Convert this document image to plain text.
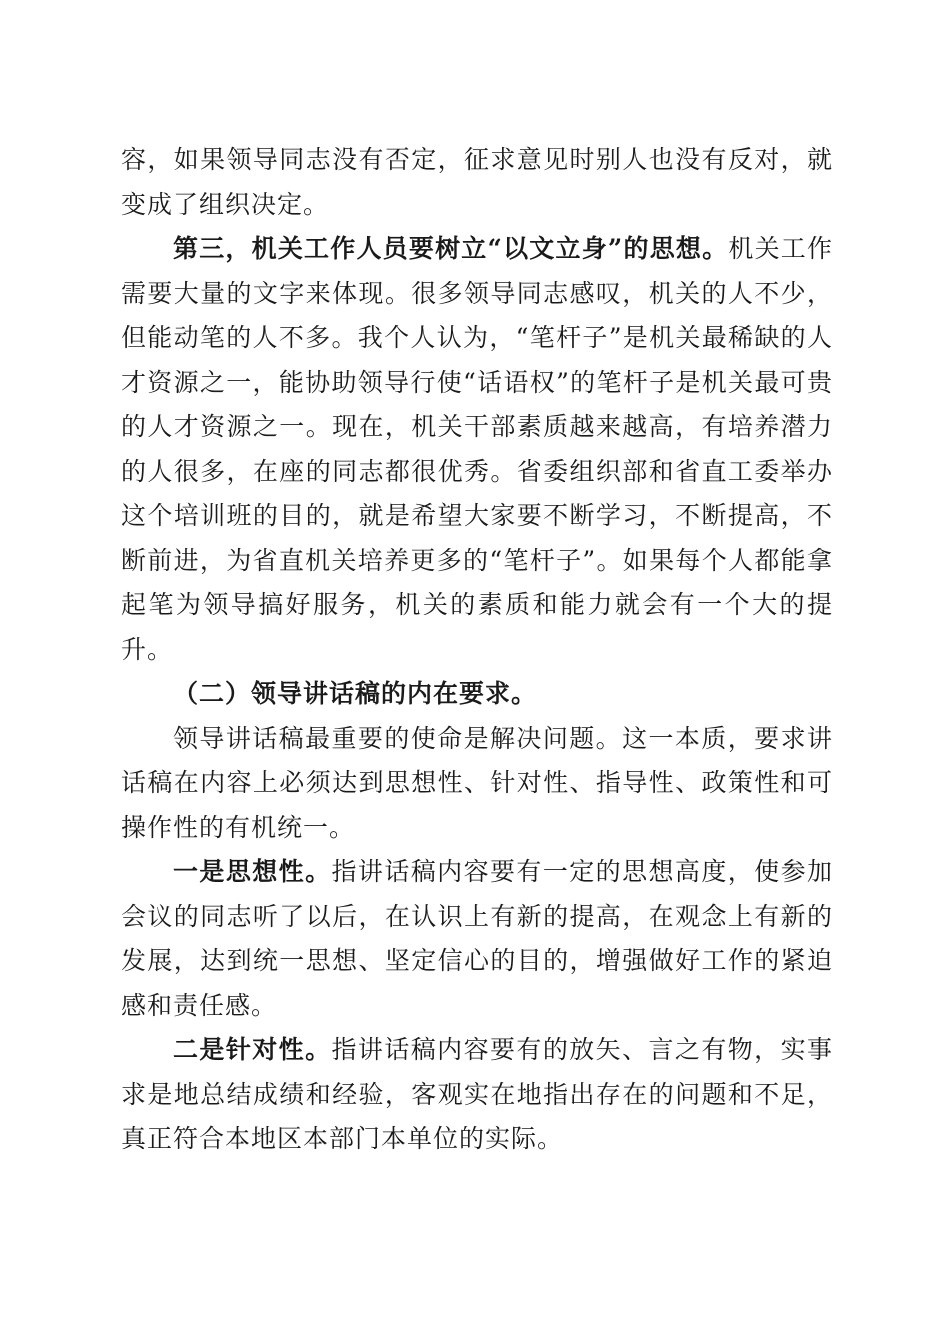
容，如果领导同志没有否定，征求意见时别人也没有反对，就变成了组织决定。

第三，机关工作人员要树立“以文立身”的思想。机关工作需要大量的文字来体现。很多领导同志感叹，机关的人不少，但能动笔的人不多。我个人认为，“笔杆子”是机关最稀缺的人才资源之一，能协助领导行使“话语权”的笔杆子是机关最可贵的人才资源之一。现在，机关干部素质越来越高，有培养潜力的人很多，在座的同志都很优秀。省委组织部和省直工委举办这个培训班的目的，就是希望大家要不断学习，不断提高，不断前进，为省直机关培养更多的“笔杆子”。如果每个人都能拿起笔为领导搞好服务，机关的素质和能力就会有一个大的提升。

（二）领导讲话稿的内在要求。

领导讲话稿最重要的使命是解决问题。这一本质，要求讲话稿在内容上必须达到思想性、针对性、指导性、政策性和可操作性的有机统一。

一是思想性。指讲话稿内容要有一定的思想高度，使参加会议的同志听了以后，在认识上有新的提高，在观念上有新的发展，达到统一思想、坚定信心的目的，增强做好工作的紧迫感和责任感。

二是针对性。指讲话稿内容要有的放矢、言之有物，实事求是地总结成绩和经验，客观实在地指出存在的问题和不足，真正符合本地区本部门本单位的实际。
